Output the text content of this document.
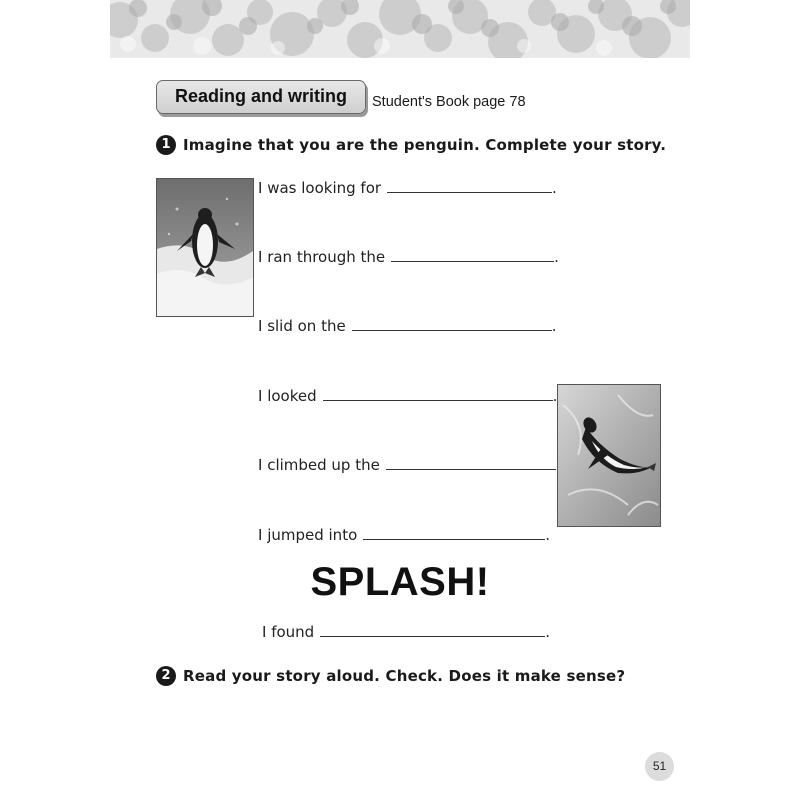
Reading and writing	Student's Book page 78
1 Imagine that you are the penguin. Complete your story.
I was looking for	.
I ran through the	.
I slid on the	.
I looked	.
I climbed up the
I jumped into	.
SPLASH!
I found	.
2 Read your story aloud. Check. Does it make sense?
51
